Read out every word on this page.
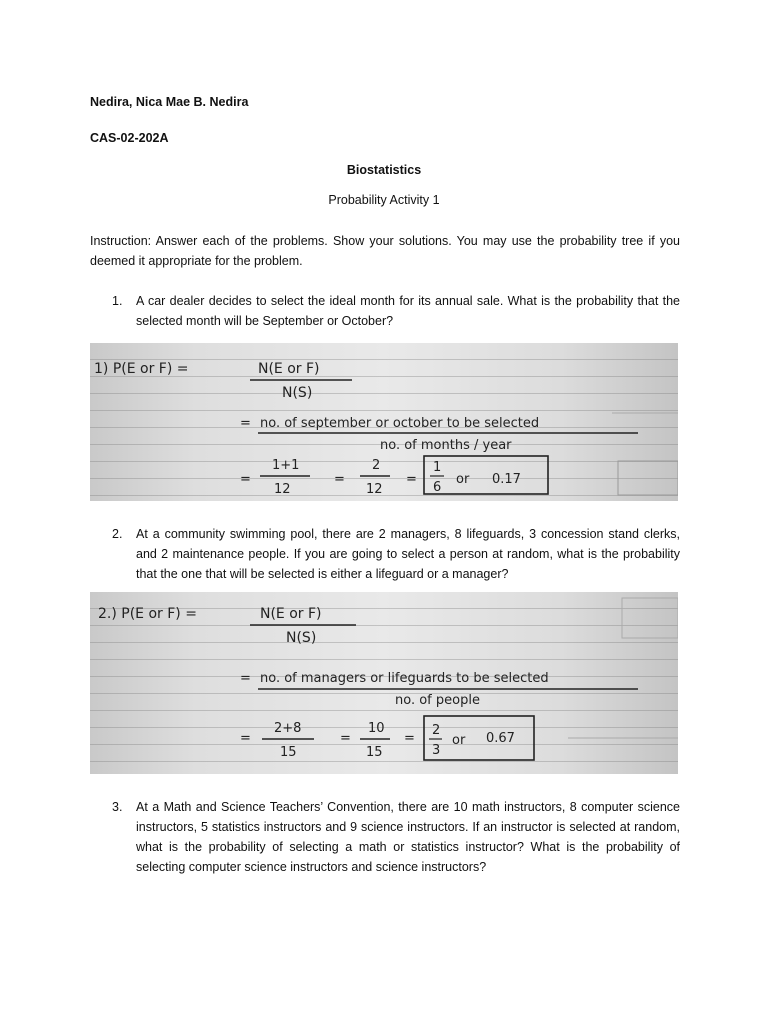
Nedira, Nica Mae B. Nedira

CAS-02-202A

Biostatistics

Probability Activity 1

Instruction: Answer each of the problems. Show your solutions. You may use the probability tree if you deemed it appropriate for the problem.

1. A car dealer decides to select the ideal month for its annual sale. What is the probability that the selected month will be September or October?
1) P(E or F) =	N(E or F)
N(S)
= no. of september or october to be selected
no. of months / year
=
1+1
12
=
2
12
=
1
6
or 0.17
2. At a community swimming pool, there are 2 managers, 8 lifeguards, 3 concession stand clerks, and 2 maintenance people. If you are going to select a person at random, what is the probability that the one that will be selected is either a lifeguard or a manager?
2.) P(E or F) =	N(E or F)
N(S)
= no. of managers or lifeguards to be selected
no. of people
=
2+8
15
=
10
15
=
2
3
or 0.67
3. At a Math and Science Teachers’ Convention, there are 10 math instructors, 8 computer science instructors, 5 statistics instructors and 9 science instructors. If an instructor is selected at random, what is the probability of selecting a math or statistics instructor? What is the probability of selecting computer science instructors and science instructors?
